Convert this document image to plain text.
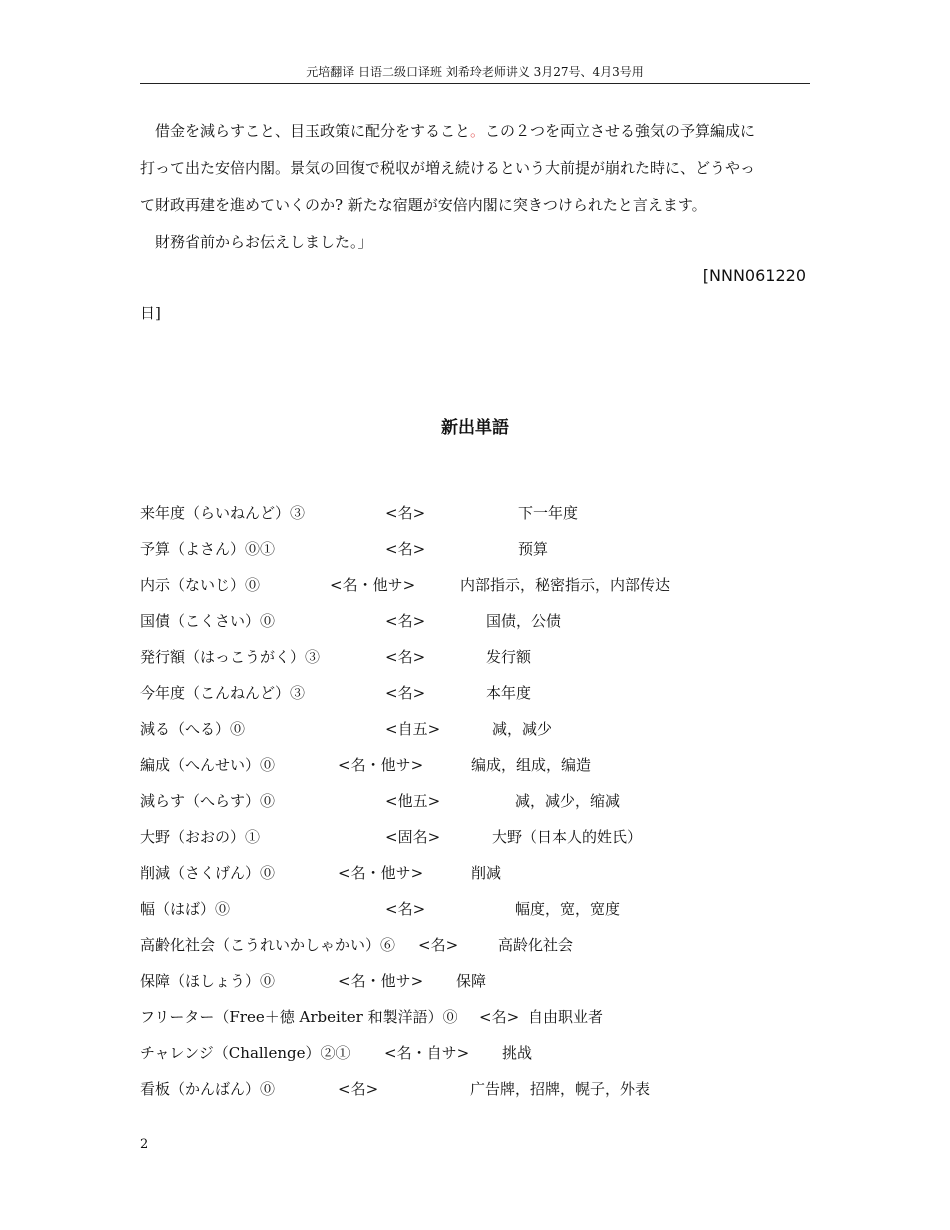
元培翻译 日语二级口译班 刘希玲老师讲义 3月27号、4月3号用
　借金を減らすこと、目玉政策に配分をすること。この２つを両立させる強気の予算編成に
打って出た安倍内閣。景気の回復で税収が増え続けるという大前提が崩れた時に、どうやっ
て財政再建を進めていくのか? 新たな宿題が安倍内閣に突きつけられたと言えます。
　財務省前からお伝えしました。」
[NNN061220
日]
新出単語
来年度（らいねんど）③	<名>	下一年度
予算（よさん）⓪①	<名>	预算
内示（ないじ）⓪	<名・他サ>	内部指示，秘密指示，内部传达
国債（こくさい）⓪	<名>	国债，公债
発行額（はっこうがく）③	<名>	发行额
今年度（こんねんど）③	<名>	本年度
減る（へる）⓪	<自五>	减，减少
編成（へんせい）⓪	<名・他サ>	编成，组成，编造
減らす（へらす）⓪	<他五>	减，减少，缩减
大野（おおの）①	<固名>	大野（日本人的姓氏）
削減（さくげん）⓪	<名・他サ>	削减
幅（はば）⓪	<名>	幅度，宽，宽度
高齢化社会（こうれいかしゃかい）⑥ <名>	高龄化社会
保障（ほしょう）⓪	<名・他サ> 保障
フリーター（Free＋徳 Arbeiter 和製洋語）⓪ <名> 自由职业者
チャレンジ（Challenge）②① <名・自サ> 挑战
看板（かんばん）⓪	<名>	广告牌，招牌，幌子，外表
2
